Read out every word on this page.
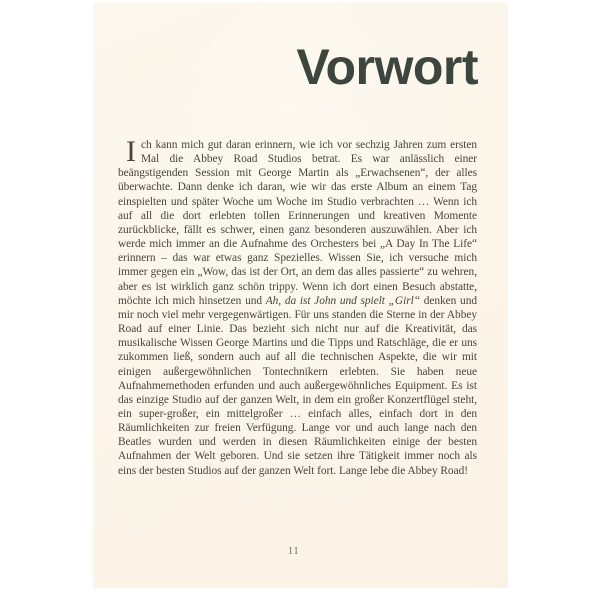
Vorwort

Ich kann mich gut daran erinnern, wie ich vor sechzig Jahren zum ersten Mal die Abbey Road Studios betrat. Es war anlässlich einer beängstigenden Session mit George Martin als „Erwachsenen“, der alles überwachte. Dann denke ich daran, wie wir das erste Album an einem Tag einspielten und später Woche um Woche im Studio verbrachten … Wenn ich auf all die dort erlebten tollen Erinnerungen und kreativen Momente zurückblicke, fällt es schwer, einen ganz besonderen auszuwählen. Aber ich werde mich immer an die Aufnahme des Orchesters bei „A Day In The Life“ erinnern – das war etwas ganz Spezielles. Wissen Sie, ich versuche mich immer gegen ein „Wow, das ist der Ort, an dem das alles passierte“ zu wehren, aber es ist wirklich ganz schön trippy. Wenn ich dort einen Besuch abstatte, möchte ich mich hinsetzen und Ah, da ist John und spielt „Girl“ denken und mir noch viel mehr vergegenwärtigen. Für uns standen die Sterne in der Abbey Road auf einer Linie. Das bezieht sich nicht nur auf die Kreativität, das musikalische Wissen George Martins und die Tipps und Ratschläge, die er uns zukommen ließ, sondern auch auf all die technischen Aspekte, die wir mit einigen außergewöhnlichen Tontechnikern erlebten. Sie haben neue Aufnahmemethoden erfunden und auch außergewöhnliches Equipment. Es ist das einzige Studio auf der ganzen Welt, in dem ein großer Konzertflügel steht, ein super-großer, ein mittelgroßer … einfach alles, einfach dort in den Räumlichkeiten zur freien Verfügung. Lange vor und auch lange nach den Beatles wurden und werden in diesen Räumlichkeiten einige der besten Aufnahmen der Welt geboren. Und sie setzen ihre Tätigkeit immer noch als eins der besten Studios auf der ganzen Welt fort. Lange lebe die Abbey Road!

11
